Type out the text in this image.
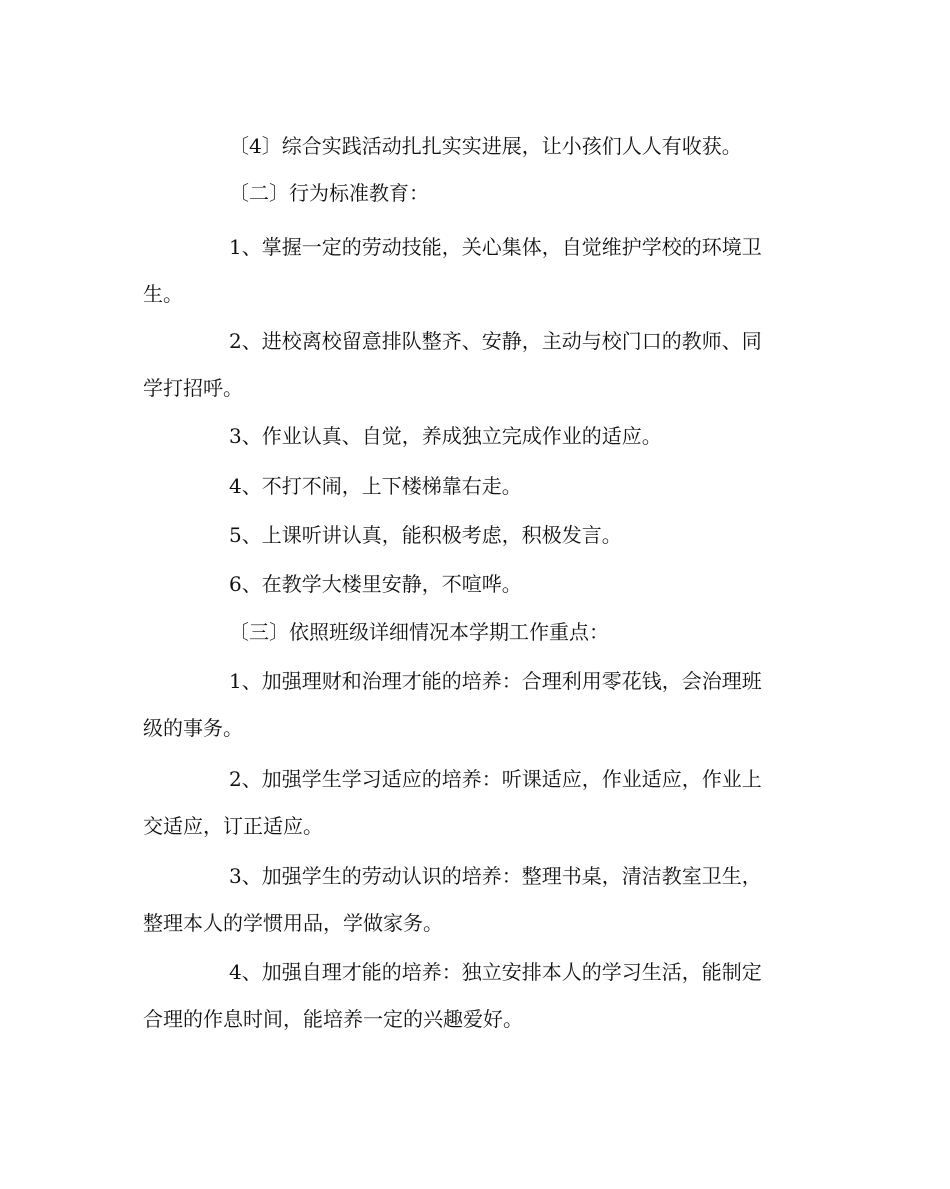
〔4〕综合实践活动扎扎实实进展，让小孩们人人有收获。

〔二〕行为标准教育：

1、掌握一定的劳动技能，关心集体，自觉维护学校的环境卫
生。

2、进校离校留意排队整齐、安静，主动与校门口的教师、同
学打招呼。

3、作业认真、自觉，养成独立完成作业的适应。

4、不打不闹，上下楼梯靠右走。

5、上课听讲认真，能积极考虑，积极发言。

6、在教学大楼里安静，不喧哗。

〔三〕依照班级详细情况本学期工作重点：

1、加强理财和治理才能的培养：合理利用零花钱，会治理班
级的事务。

2、加强学生学习适应的培养：听课适应，作业适应，作业上
交适应，订正适应。

3、加强学生的劳动认识的培养：整理书桌，清洁教室卫生，
整理本人的学惯用品，学做家务。

4、加强自理才能的培养：独立安排本人的学习生活，能制定
合理的作息时间，能培养一定的兴趣爱好。
